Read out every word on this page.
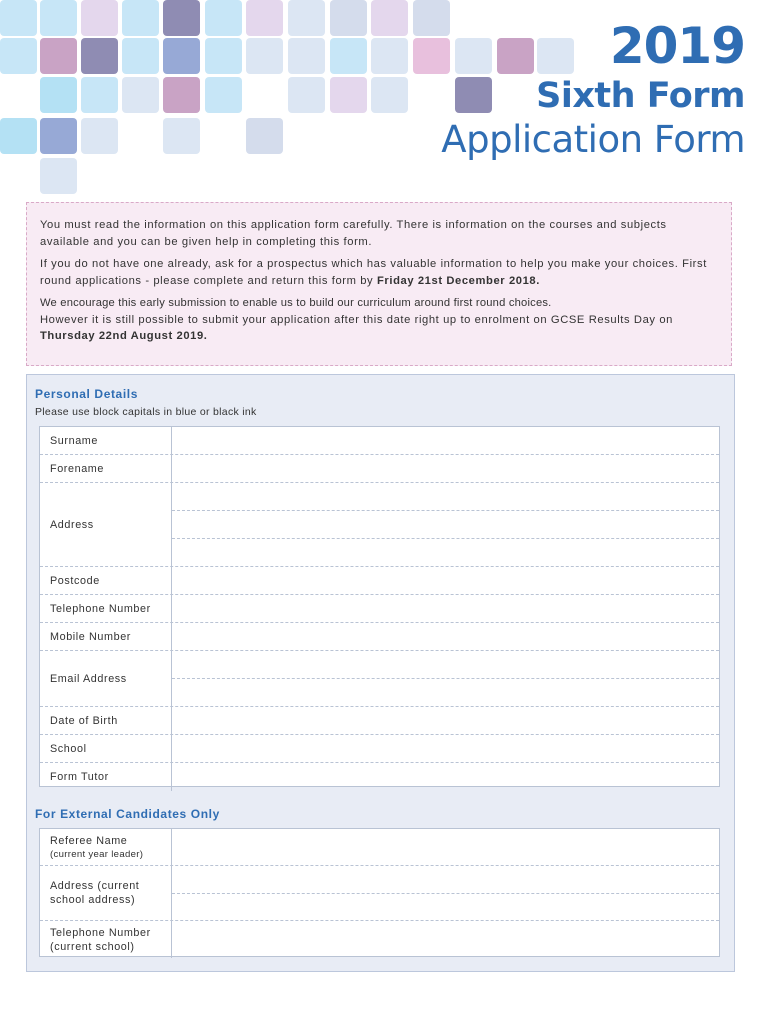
2019
Sixth Form
Application Form

You must read the information on this application form carefully. There is information on the courses and subjects available and you can be given help in completing this form.

If you do not have one already, ask for a prospectus which has valuable information to help you make your choices. First round applications - please complete and return this form by Friday 21st December 2018.

We encourage this early submission to enable us to build our curriculum around first round choices.

However it is still possible to submit your application after this date right up to enrolment on GCSE Results Day on Thursday 22nd August 2019.

Personal Details
Please use block capitals in blue or black ink
Surname
Forename
Address
Postcode
Telephone Number
Mobile Number
Email Address
Date of Birth
School
Form Tutor
For External Candidates Only
Referee Name
(current year leader)
Address (current
school address)
Telephone Number
(current school)
